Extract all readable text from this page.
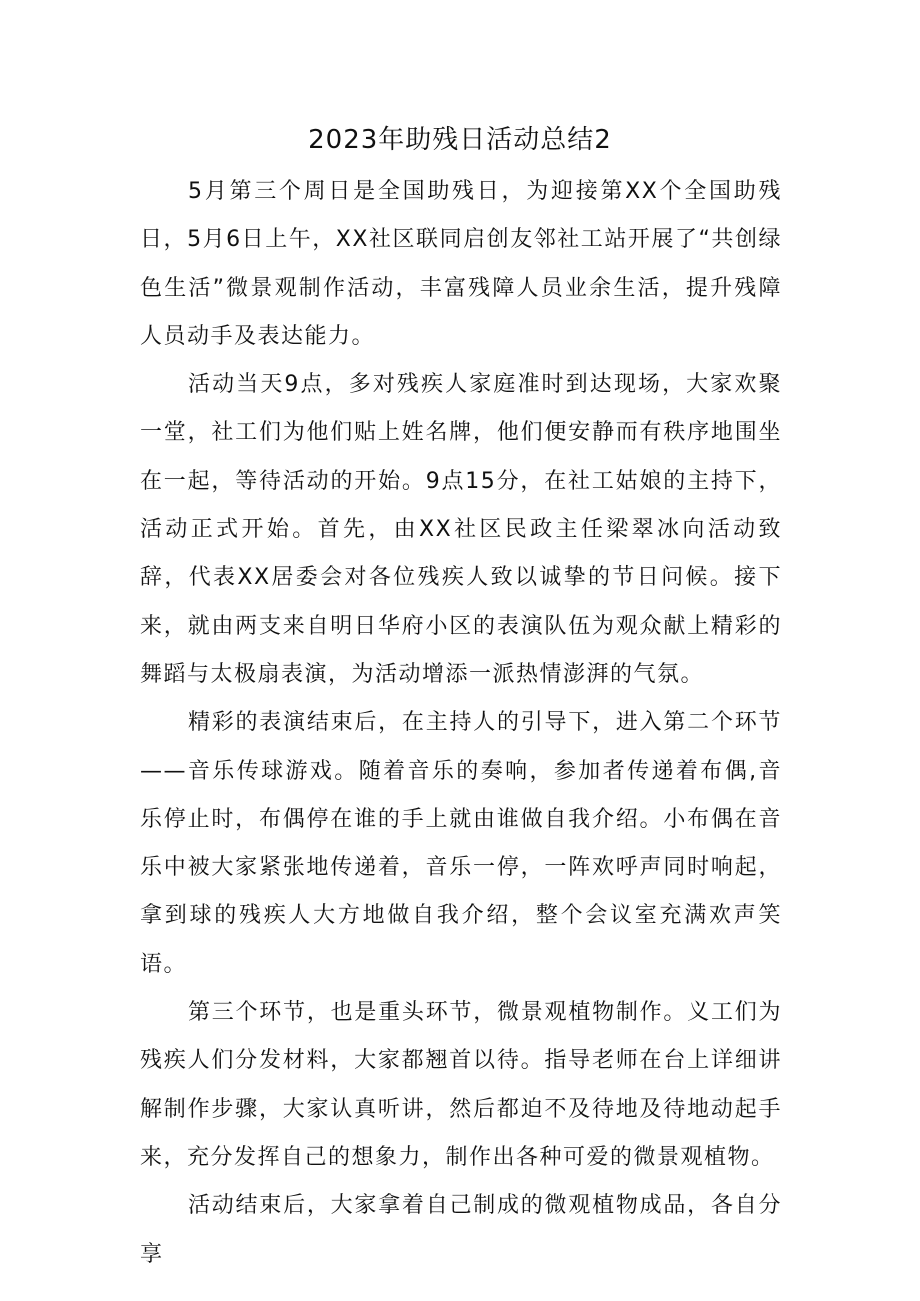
2023年助残日活动总结2

5月第三个周日是全国助残日，为迎接第XX个全国助残日，5月6日上午，XX社区联同启创友邻社工站开展了“共创绿色生活”微景观制作活动，丰富残障人员业余生活，提升残障人员动手及表达能力。

活动当天9点，多对残疾人家庭准时到达现场，大家欢聚一堂，社工们为他们贴上姓名牌，他们便安静而有秩序地围坐在一起，等待活动的开始。9点15分，在社工姑娘的主持下，活动正式开始。首先，由XX社区民政主任梁翠冰向活动致辞，代表XX居委会对各位残疾人致以诚挚的节日问候。接下来，就由两支来自明日华府小区的表演队伍为观众献上精彩的舞蹈与太极扇表演，为活动增添一派热情澎湃的气氛。

精彩的表演结束后，在主持人的引导下，进入第二个环节——音乐传球游戏。随着音乐的奏响，参加者传递着布偶,音乐停止时，布偶停在谁的手上就由谁做自我介绍。小布偶在音乐中被大家紧张地传递着，音乐一停，一阵欢呼声同时响起，拿到球的残疾人大方地做自我介绍，整个会议室充满欢声笑语。

第三个环节，也是重头环节，微景观植物制作。义工们为残疾人们分发材料，大家都翘首以待。指导老师在台上详细讲解制作步骤，大家认真听讲，然后都迫不及待地及待地动起手来，充分发挥自己的想象力，制作出各种可爱的微景观植物。

活动结束后，大家拿着自己制成的微观植物成品，各自分享
